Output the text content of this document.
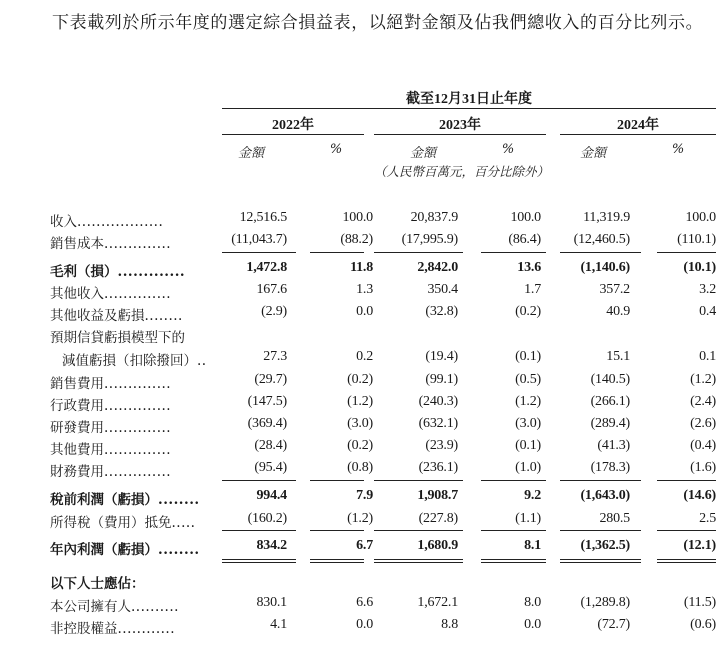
下表載列於所示年度的選定綜合損益表，以絕對金額及佔我們總收入的百分比列示。
截至12月31日止年度
2022年	2023年	2024年
金額	%	金額	%	金額	%
（人民幣百萬元，百分比除外）
收入..................	12,516.5	100.0	20,837.9	100.0	11,319.9	100.0
銷售成本..............	(11,043.7)	(88.2)	(17,995.9)	(86.4)	(12,460.5)	(110.1)
毛利（損）.............	1,472.8	11.8	2,842.0	13.6	(1,140.6)	(10.1)
其他收入..............	167.6	1.3	350.4	1.7	357.2	3.2
其他收益及虧損........	(2.9)	0.0	(32.8)	(0.2)	40.9	0.4
預期信貸虧損模型下的
減值虧損（扣除撥回）..	27.3	0.2	(19.4)	(0.1)	15.1	0.1
銷售費用..............	(29.7)	(0.2)	(99.1)	(0.5)	(140.5)	(1.2)
行政費用..............	(147.5)	(1.2)	(240.3)	(1.2)	(266.1)	(2.4)
研發費用..............	(369.4)	(3.0)	(632.1)	(3.0)	(289.4)	(2.6)
其他費用..............	(28.4)	(0.2)	(23.9)	(0.1)	(41.3)	(0.4)
財務費用..............	(95.4)	(0.8)	(236.1)	(1.0)	(178.3)	(1.6)
稅前利潤（虧損）........	994.4	7.9	1,908.7	9.2	(1,643.0)	(14.6)
所得稅（費用）抵免.....	(160.2)	(1.2)	(227.8)	(1.1)	280.5	2.5
年內利潤（虧損）........	834.2	6.7	1,680.9	8.1	(1,362.5)	(12.1)
以下人士應佔：
本公司擁有人..........	830.1	6.6	1,672.1	8.0	(1,289.8)	(11.5)
非控股權益............	4.1	0.0	8.8	0.0	(72.7)	(0.6)
